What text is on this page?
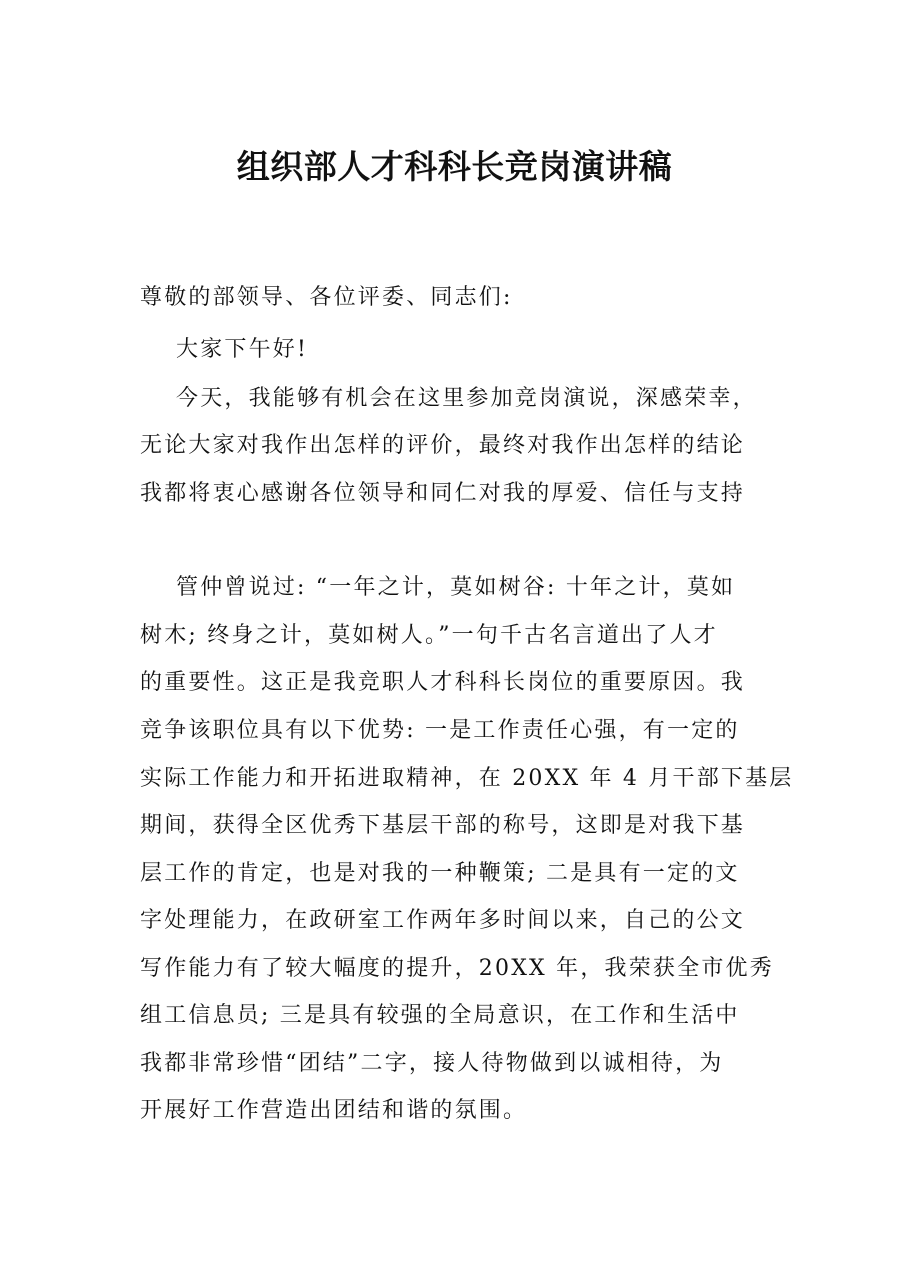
组织部人才科科长竞岗演讲稿
尊敬的部领导、各位评委、同志们:
大家下午好!
今天，我能够有机会在这里参加竞岗演说，深感荣幸，
无论大家对我作出怎样的评价，最终对我作出怎样的结论
我都将衷心感谢各位领导和同仁对我的厚爱、信任与支持
管仲曾说过: “一年之计，莫如树谷: 十年之计，莫如
树木; 终身之计，莫如树人。”一句千古名言道出了人才
的重要性。这正是我竞职人才科科长岗位的重要原因。我
竞争该职位具有以下优势: 一是工作责任心强，有一定的
实际工作能力和开拓进取精神，在 20XX 年 4 月干部下基层
期间，获得全区优秀下基层干部的称号，这即是对我下基
层工作的肯定，也是对我的一种鞭策; 二是具有一定的文
字处理能力，在政研室工作两年多时间以来，自己的公文
写作能力有了较大幅度的提升，20XX 年，我荣获全市优秀
组工信息员; 三是具有较强的全局意识，在工作和生活中
我都非常珍惜“团结”二字，接人待物做到以诚相待，为
开展好工作营造出团结和谐的氛围。
